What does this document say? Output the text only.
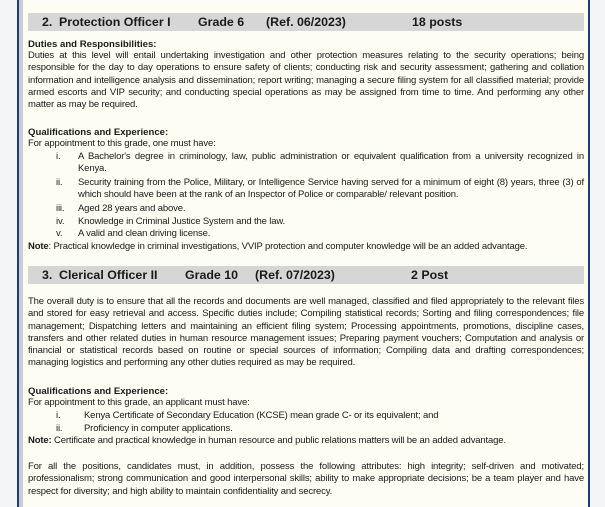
2. Protection Officer I Grade 6 (Ref. 06/2023)	18 posts
Duties and Responsibilities:
Duties at this level will entail undertaking investigation and other protection measures relating to the security operations; being responsible for the day to day operations to ensure safety of clients; conducting risk and security assessment; gathering and collation information and intelligence analysis and dissemination; report writing; managing a secure filing system for all classified material; provide armed escorts and VIP security; and conducting special operations as may be assigned from time to time. And performing any other matter as may be required.
Qualifications and Experience:
For appointment to this grade, one must have:
i. A Bachelor's degree in criminology, law, public administration or equivalent qualification from a university recognized in Kenya.
ii. Security training from the Police, Military, or Intelligence Service having served for a minimum of eight (8) years, three (3) of which should have been at the rank of an Inspector of Police or comparable/ relevant position.
iii. Aged 28 years and above.
iv. Knowledge in Criminal Justice System and the law.
v. A valid and clean driving license.
Note: Practical knowledge in criminal investigations, VVIP protection and computer knowledge will be an added advantage.
3. Clerical Officer II Grade 10 (Ref. 07/2023)	2 Post
The overall duty is to ensure that all the records and documents are well managed, classified and filed appropriately to the relevant files and stored for easy retrieval and access. Specific duties include; Compiling statistical records; Sorting and filing correspondences; file management; Dispatching letters and maintaining an efficient filing system; Processing appointments, promotions, discipline cases, transfers and other related duties in human resource management issues; Preparing payment vouchers; Computation and analysis or financial or statistical records based on routine or special sources of information; Compiling data and drafting correspondences; managing logistics and performing any other duties required as may be required.
Qualifications and Experience:
For appointment to this grade, an applicant must have:
i. Kenya Certificate of Secondary Education (KCSE) mean grade C- or its equivalent; and
ii. Proficiency in computer applications.
Note: Certificate and practical knowledge in human resource and public relations matters will be an added advantage.
For all the positions, candidates must, in addition, possess the following attributes: high integrity; self-driven and motivated; professionalism; strong communication and good interpersonal skills; ability to make appropriate decisions; be a team player and have respect for diversity; and high ability to maintain confidentiality and secrecy.
